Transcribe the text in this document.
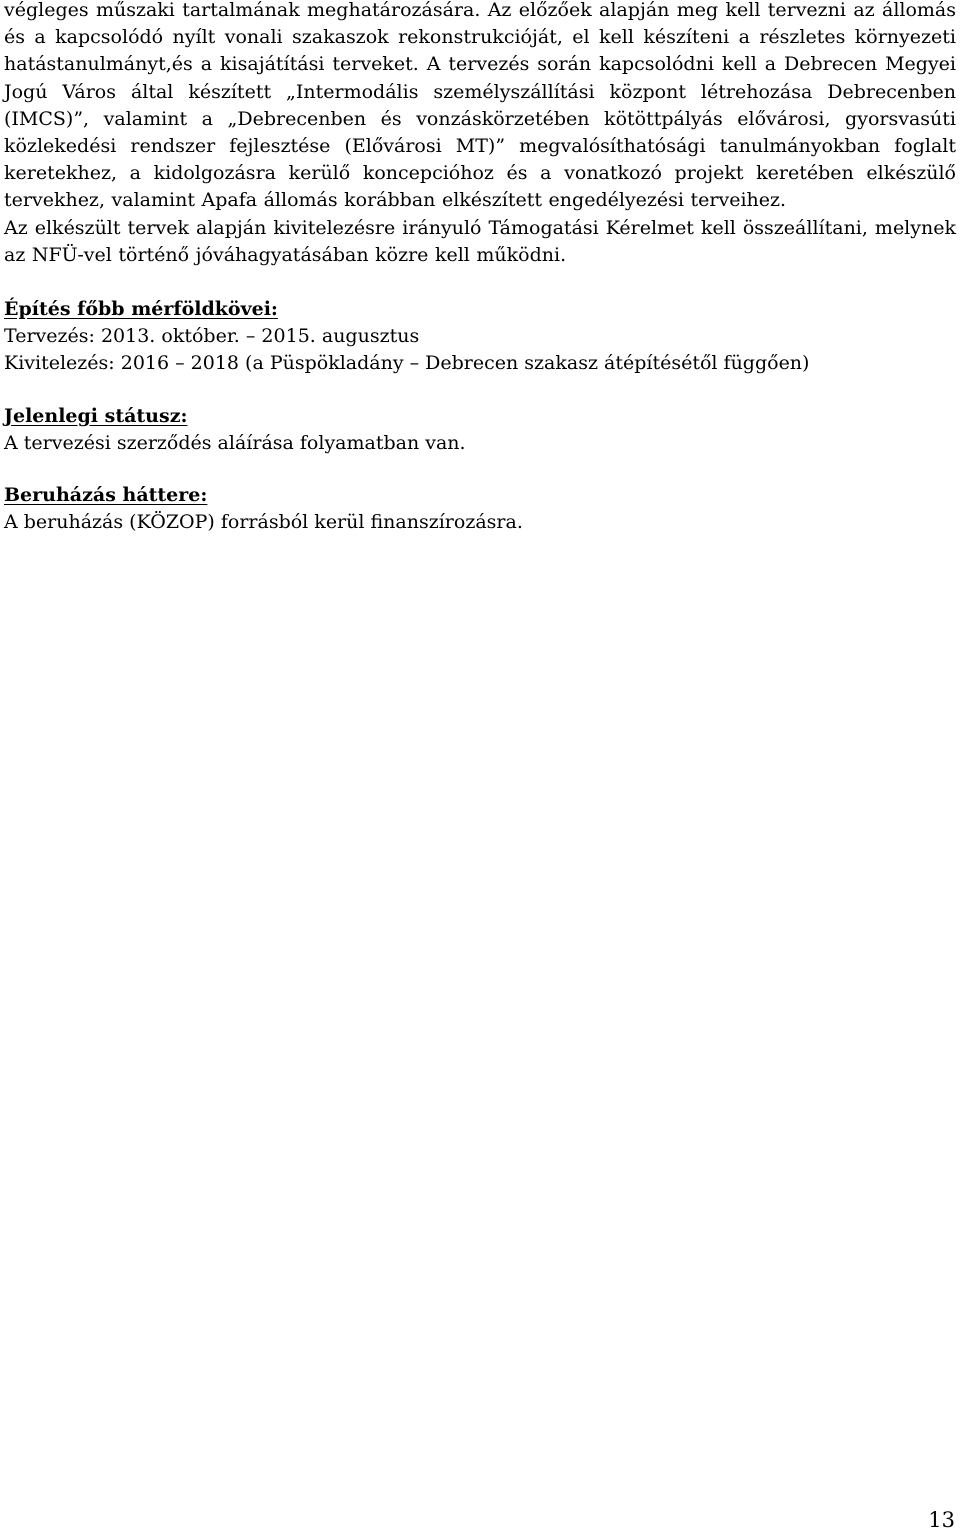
végleges műszaki tartalmának meghatározására. Az előzőek alapján meg kell tervezni az állomás és a kapcsolódó nyílt vonali szakaszok rekonstrukcióját, el kell készíteni a részletes környezeti hatástanulmányt,és a kisajátítási terveket. A tervezés során kapcsolódni kell a Debrecen Megyei Jogú Város által készített „Intermodális személyszállítási központ létrehozása Debrecenben (IMCS)”, valamint a „Debrecenben és vonzáskörzetében kötöttpályás elővárosi, gyorsvasúti közlekedési rendszer fejlesztése (Elővárosi MT)” megvalósíthatósági tanulmányokban foglalt keretekhez, a kidolgozásra kerülő koncepcióhoz és a vonatkozó projekt keretében elkészülő tervekhez, valamint Apafa állomás korábban elkészített engedélyezési terveihez.

Az elkészült tervek alapján kivitelezésre irányuló Támogatási Kérelmet kell összeállítani, melynek az NFÜ-vel történő jóváhagyatásában közre kell működni.

Építés főbb mérföldkövei:

Tervezés: 2013. október. – 2015. augusztus

Kivitelezés: 2016 – 2018 (a Püspökladány – Debrecen szakasz átépítésétől függően)

Jelenlegi státusz:

A tervezési szerződés aláírása folyamatban van.

Beruházás háttere:

A beruházás (KÖZOP) forrásból kerül finanszírozásra.

13
